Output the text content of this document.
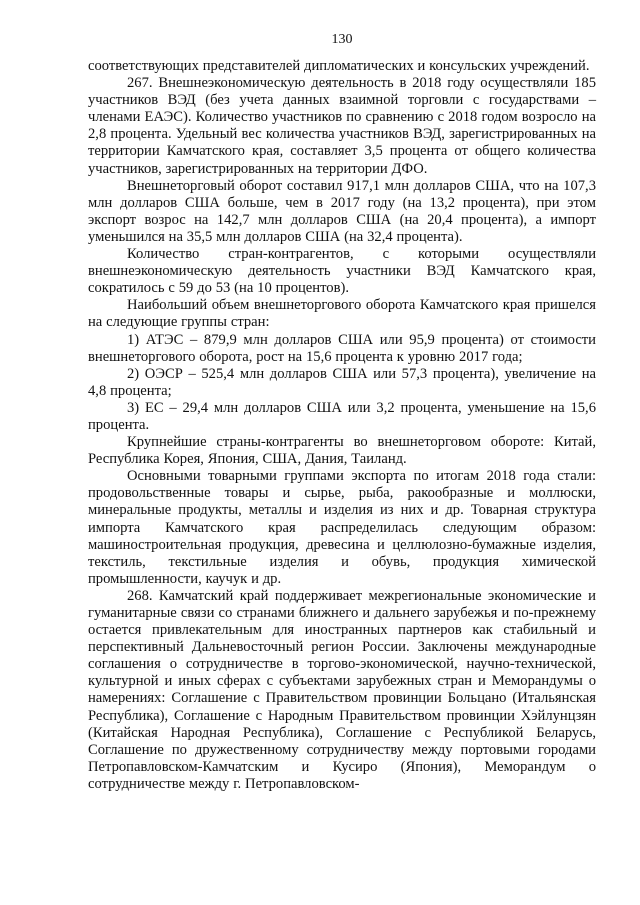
130

соответствующих представителей дипломатических и консульских учреждений.

267. Внешнеэкономическую деятельность в 2018 году осуществляли 185 участников ВЭД (без учета данных взаимной торговли с государствами – членами ЕАЭС). Количество участников по сравнению с 2018 годом возросло на 2,8 процента. Удельный вес количества участников ВЭД, зарегистрированных на территории Камчатского края, составляет 3,5 процента от общего количества участников, зарегистрированных на территории ДФО.

Внешнеторговый оборот составил 917,1 млн долларов США, что на 107,3 млн долларов США больше, чем в 2017 году (на 13,2 процента), при этом экспорт возрос на 142,7 млн долларов США (на 20,4 процента), а импорт уменьшился на 35,5 млн долларов США (на 32,4 процента).

Количество стран-контрагентов, с которыми осуществляли внешнеэкономическую деятельность участники ВЭД Камчатского края, сократилось с 59 до 53 (на 10 процентов).

Наибольший объем внешнеторгового оборота Камчатского края пришелся на следующие группы стран:

1) АТЭС – 879,9 млн долларов США или 95,9 процента) от стоимости внешнеторгового оборота, рост на 15,6 процента к уровню 2017 года;

2) ОЭСР – 525,4 млн долларов США или 57,3 процента), увеличение на 4,8 процента;

3) ЕС – 29,4 млн долларов США или 3,2 процента, уменьшение на 15,6 процента.

Крупнейшие страны-контрагенты во внешнеторговом обороте: Китай, Республика Корея, Япония, США, Дания, Таиланд.

Основными товарными группами экспорта по итогам 2018 года стали: продовольственные товары и сырье, рыба, ракообразные и моллюски, минеральные продукты, металлы и изделия из них и др. Товарная структура импорта Камчатского края распределилась следующим образом: машиностроительная продукция, древесина и целлюлозно-бумажные изделия, текстиль, текстильные изделия и обувь, продукция химической промышленности, каучук и др.

268. Камчатский край поддерживает межрегиональные экономические и гуманитарные связи со странами ближнего и дальнего зарубежья и по-прежнему остается привлекательным для иностранных партнеров как стабильный и перспективный Дальневосточный регион России. Заключены международные соглашения о сотрудничестве в торгово-экономической, научно-технической, культурной и иных сферах с субъектами зарубежных стран и Меморандумы о намерениях: Соглашение с Правительством провинции Больцано (Итальянская Республика), Соглашение с Народным Правительством провинции Хэйлунцзян (Китайская Народная Республика), Соглашение с Республикой Беларусь, Соглашение по дружественному сотрудничеству между портовыми городами Петропавловском-Камчатским и Кусиро (Япония), Меморандум о сотрудничестве между г. Петропавловском-
